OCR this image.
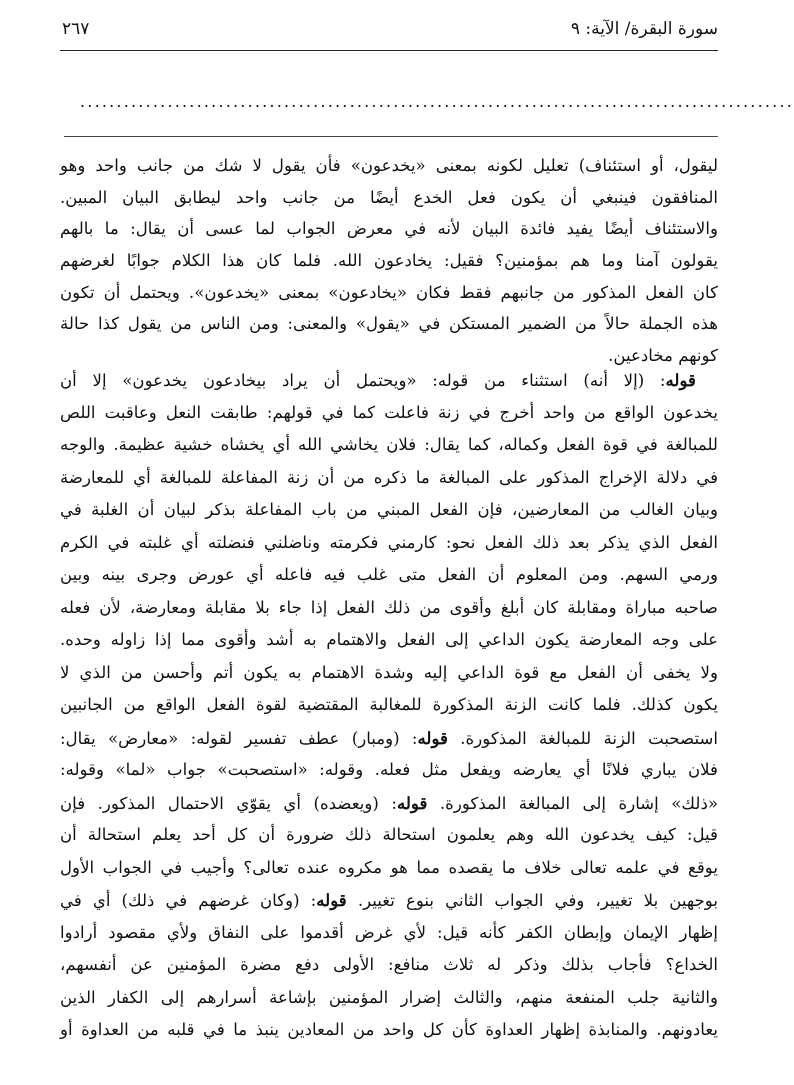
سورة البقرة/ الآية: ٩
٢٦٧
..................................................................................................
ليقول، أو استئناف) تعليل لكونه بمعنى «يخدعون» فأن يقول لا شك من جانب واحد وهو
المنافقون فينبغي أن يكون فعل الخدع أيضًا من جانب واحد ليطابق البيان المبين.
والاستئناف أيضًا يفيد فائدة البيان لأنه في معرض الجواب لما عسى أن يقال: ما بالهم
يقولون آمنا وما هم بمؤمنين؟ فقيل: يخادعون الله. فلما كان هذا الكلام جوابًا لغرضهم
كان الفعل المذكور من جانبهم فقط فكان «يخادعون» بمعنى «يخدعون». ويحتمل أن تكون
هذه الجملة حالاً من الضمير المستكن في «يقول» والمعنى: ومن الناس من يقول كذا حالة
كونهم مخادعين.
قوله: (إلا أنه) استثناء من قوله: «ويحتمل أن يراد بيخادعون يخدعون» إلا أن
يخدعون الواقع من واحد أخرج في زنة فاعلت كما في قولهم: طابقت النعل وعاقبت اللص
للمبالغة في قوة الفعل وكماله، كما يقال: فلان يخاشي الله أي يخشاه خشية عظيمة. والوجه
في دلالة الإخراج المذكور على المبالغة ما ذكره من أن زنة المفاعلة للمبالغة أي للمعارضة
وبيان الغالب من المعارضين، فإن الفعل المبني من باب المفاعلة بذكر لبيان أن الغلبة في
الفعل الذي يذكر بعد ذلك الفعل نحو: كارمني فكرمته وناضلني فنضلته أي غلبته في الكرم
ورمي السهم. ومن المعلوم أن الفعل متى غلب فيه فاعله أي عورض وجرى بينه وبين
صاحبه مباراة ومقابلة كان أبلغ وأقوى من ذلك الفعل إذا جاء بلا مقابلة ومعارضة، لأن فعله
على وجه المعارضة يكون الداعي إلى الفعل والاهتمام به أشد وأقوى مما إذا زاوله وحده.
ولا يخفى أن الفعل مع قوة الداعي إليه وشدة الاهتمام به يكون أتم وأحسن من الذي لا
يكون كذلك. فلما كانت الزنة المذكورة للمغالبة المقتضية لقوة الفعل الواقع من الجانبين
استصحبت الزنة للمبالغة المذكورة. قوله: (ومبار) عطف تفسير لقوله: «معارض» يقال:
فلان يباري فلانًا أي يعارضه ويفعل مثل فعله. وقوله: «استصحبت» جواب «لما» وقوله:
«ذلك» إشارة إلى المبالغة المذكورة. قوله: (ويعضده) أي يقوّي الاحتمال المذكور. فإن
قيل: كيف يخدعون الله وهم يعلمون استحالة ذلك ضرورة أن كل أحد يعلم استحالة أن
يوقع في علمه تعالى خلاف ما يقصده مما هو مكروه عنده تعالى؟ وأجيب في الجواب الأول
بوجهين بلا تغيير، وفي الجواب الثاني بنوع تغيير. قوله: (وكان غرضهم في ذلك) أي في
إظهار الإيمان وإبطان الكفر كأنه قيل: لأي غرض أقدموا على النفاق ولأي مقصود أرادوا
الخداع؟ فأجاب بذلك وذكر له ثلاث منافع: الأولى دفع مضرة المؤمنين عن أنفسهم،
والثانية جلب المنفعة منهم، والثالث إضرار المؤمنين بإشاعة أسرارهم إلى الكفار الذين
يعادونهم. والمنابذة إظهار العداوة كأن كل واحد من المعادين ينبذ ما في قلبه من العداوة أو
